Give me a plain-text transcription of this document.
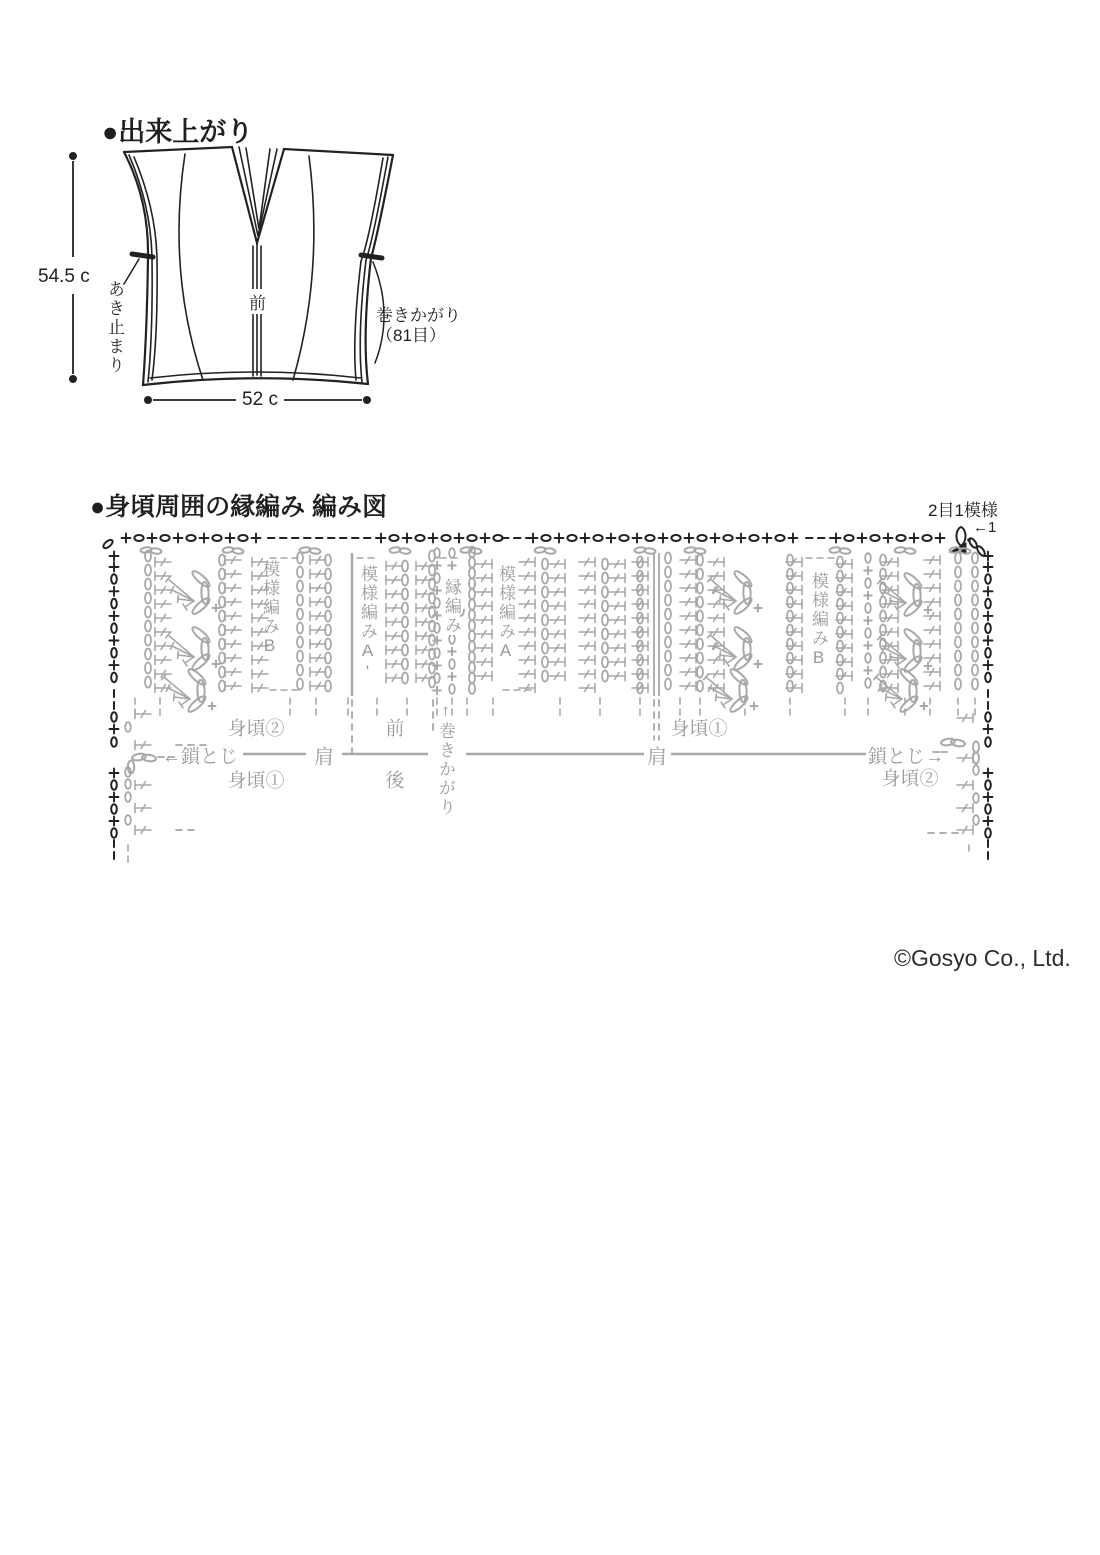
●出来上がり
54.5 c
52 c
前
あき止まり	巻きかがり
（81目）
●身頃周囲の縁編み 編み図	2目1模様
←1
模様編みB	模様編みA'	縁編み 模様編みA	模様編みB
↑巻きかがり
身頃②	前	身頃①
身頃①	後	身頃②
肩	肩
←鎖とじ	鎖とじ→
©Gosyo Co., Ltd.
